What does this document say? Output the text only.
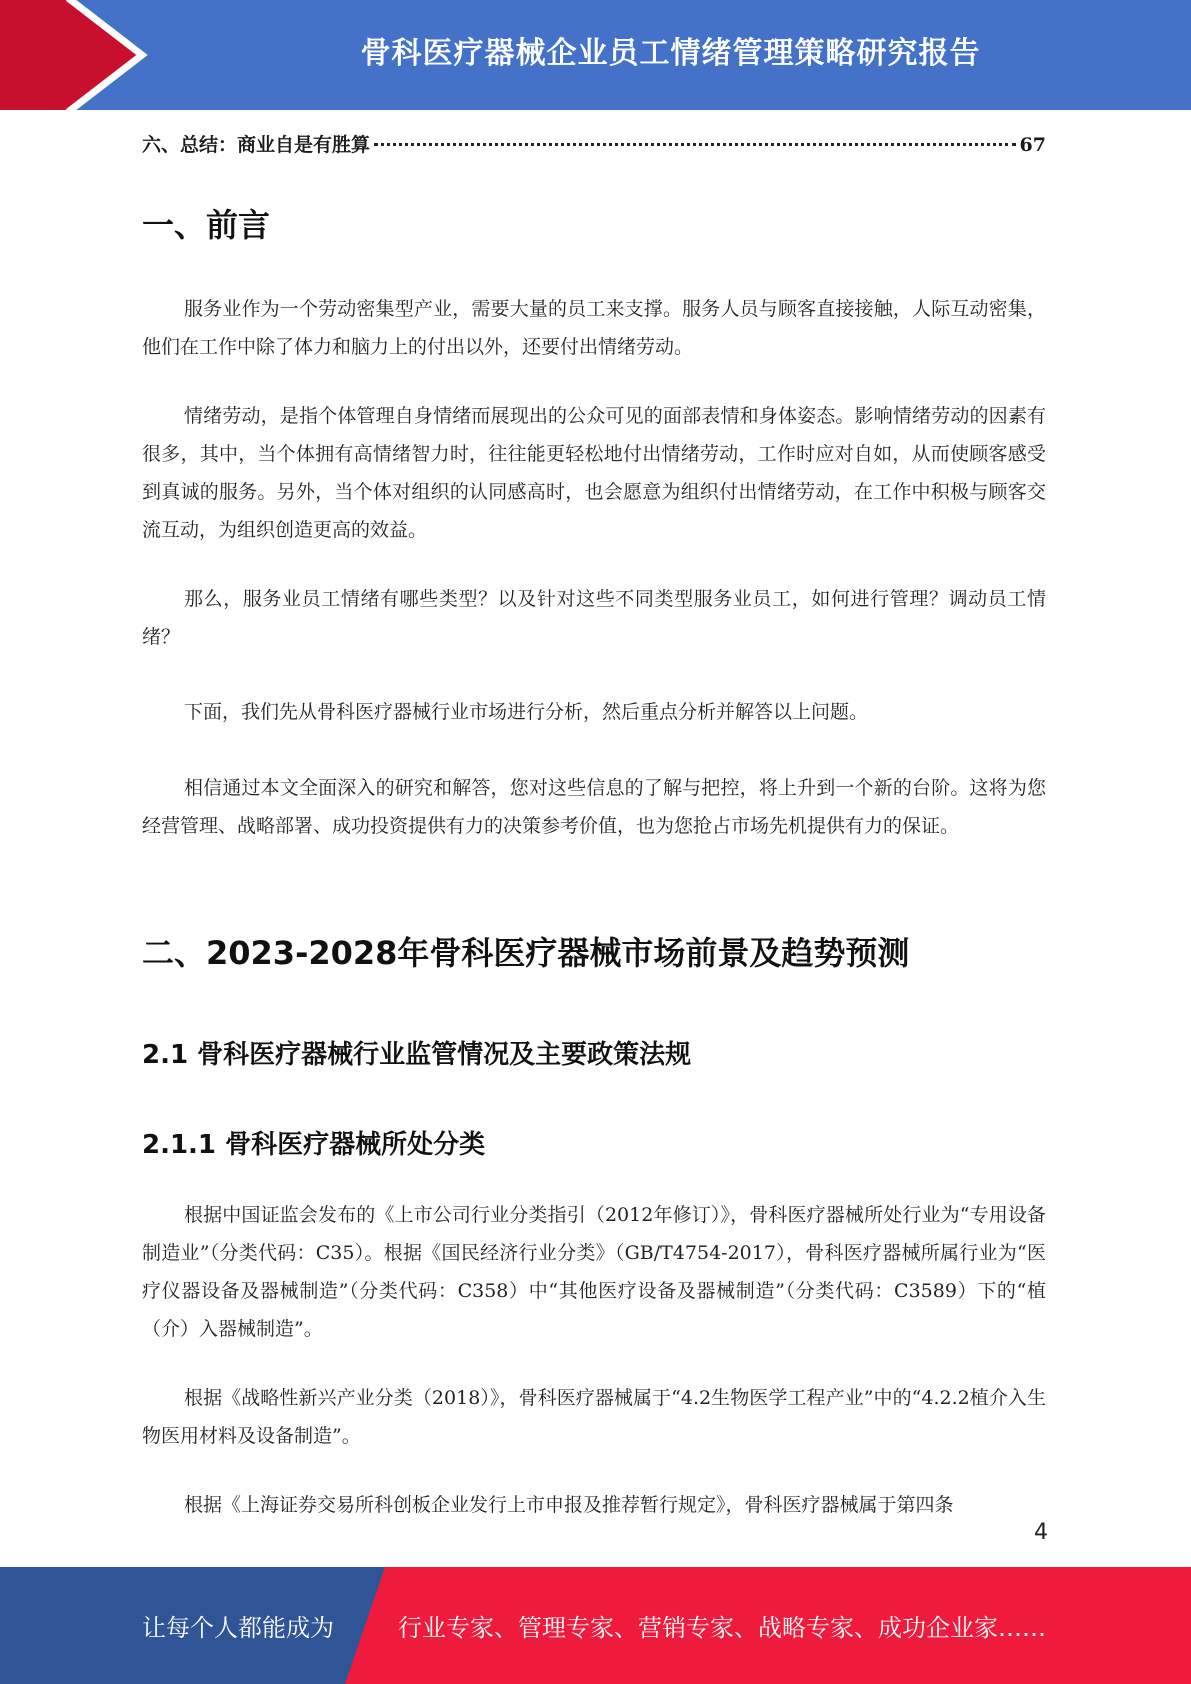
骨科医疗器械企业员工情绪管理策略研究报告
六、总结：商业自是有胜算	67
一、前言

服务业作为一个劳动密集型产业，需要大量的员工来支撑。服务人员与顾客直接接触，人际互动密集，他们在工作中除了体力和脑力上的付出以外，还要付出情绪劳动。

情绪劳动，是指个体管理自身情绪而展现出的公众可见的面部表情和身体姿态。影响情绪劳动的因素有很多，其中，当个体拥有高情绪智力时，往往能更轻松地付出情绪劳动，工作时应对自如，从而使顾客感受到真诚的服务。另外，当个体对组织的认同感高时，也会愿意为组织付出情绪劳动，在工作中积极与顾客交流互动，为组织创造更高的效益。

那么，服务业员工情绪有哪些类型？以及针对这些不同类型服务业员工，如何进行管理？调动员工情绪？

下面，我们先从骨科医疗器械行业市场进行分析，然后重点分析并解答以上问题。

相信通过本文全面深入的研究和解答，您对这些信息的了解与把控，将上升到一个新的台阶。这将为您经营管理、战略部署、成功投资提供有力的决策参考价值，也为您抢占市场先机提供有力的保证。

二、2023-2028年骨科医疗器械市场前景及趋势预测
2.1 骨科医疗器械行业监管情况及主要政策法规
2.1.1 骨科医疗器械所处分类

根据中国证监会发布的《上市公司行业分类指引（2012年修订）》，骨科医疗器械所处行业为“专用设备制造业”（分类代码：C35）。根据《国民经济行业分类》（GB/T4754-2017），骨科医疗器械所属行业为“医疗仪器设备及器械制造”（分类代码：C358）中“其他医疗设备及器械制造”（分类代码：C3589）下的“植（介）入器械制造”。

根据《战略性新兴产业分类（2018）》，骨科医疗器械属于“4.2生物医学工程产业”中的“4.2.2植介入生物医用材料及设备制造”。

根据《上海证券交易所科创板企业发行上市申报及推荐暂行规定》，骨科医疗器械属于第四条

4
让每个人都能成为	行业专家、管理专家、营销专家、战略专家、成功企业家……
